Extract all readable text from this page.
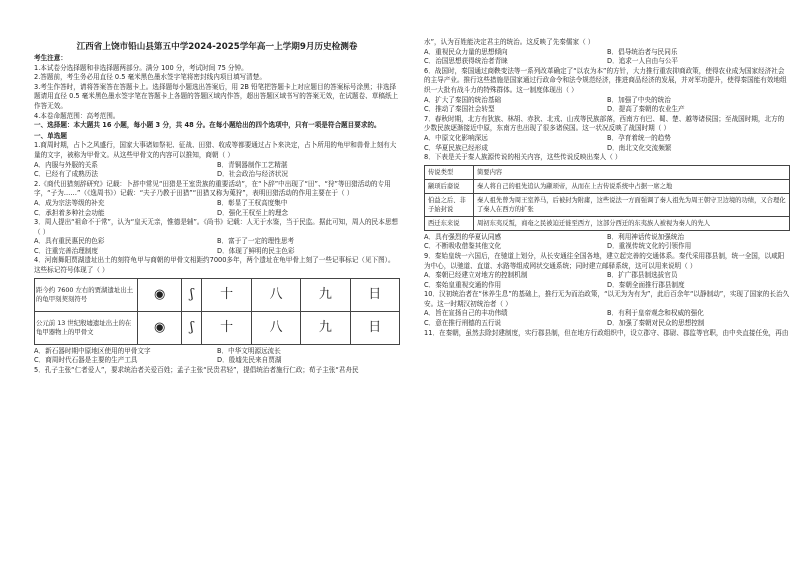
江西省上饶市铅山县第五中学2024-2025学年高一上学期9月历史检测卷
考生注意：

1.本试卷分选择题和非选择题两部分。满分 100 分，考试时间 75 分钟。

2.答题前，考生务必用直径 0.5 毫米黑色墨水签字笔将密封线内项目填写清楚。

3.考生作答时，请将答案答在答题卡上。选择题每小题选出答案后，用 2B 铅笔把答题卡上对应题目的答案标号涂黑；非选择题请用直径 0.5 毫米黑色墨水签字笔在答题卡上各题的答题区域内作答，超出答题区域书写的答案无效，在试题卷、草稿纸上作答无效。

4.本卷命题范围：高考范围。

一、选择题：本大题共 16 小题，每小题 3 分，共 48 分。在每小题给出的四个选项中，只有一项是符合题目要求的。

一、单选题

1.商周时期，占卜之风盛行，国家大事诸如祭祀、征战、田猎、收成等都要通过占卜来决定，占卜所用的龟甲和兽骨上刻有大量的文字，被称为甲骨文。从这些甲骨文的内容可以推知，商朝（ ）

A．内服与外服的关系	B．青铜器制作工艺精湛
C．已经有了成熟历法	D．社会政治与经济状况

2.《商代田猎刻辞研究》记载：卜辞中常见“田猎是王室贵族的重要活动”，在“卜辞”中出现了“田”、“狩”等田猎活动的专用字，“子为……”（《逸周书》）记载：“夫子乃教于田猎”“田猎又称为蒐狩”，表明田猎活动的作用主要在于（ ）

A．成为宗法等级的补充	B．彰显了王权高度集中
C．承担着多种社会功能	D．强化王权至上的理念

3．周人提出“祖命不于常”，认为“皇天无亲，惟德是辅”。《尚书》记载：人无于水鉴，当于民监。据此可知，周人的民本思想（ ）

A．具有重民惠民的色彩	B．富于了一定的理性思考
C．注重完善治理制度	D．体现了鲜明的民主色彩

4．河南舞阳贾湖遗址出土的刻符龟甲与商朝的甲骨文相距约7000多年，两个遗址在龟甲骨上刻了一些记事标记（见下图）。这些标记符号体现了（ ）

距今约 7600 左右的贾湖遗址出土的龟甲刻契刻符号	◉	ʃ	十	八	九	日
公元前 13 世纪殷墟遗址出土的在龟甲器物上的甲骨文	◉	ʃ	十	八	九	日
A．新石器时期中原地区使用的甲骨文字	B．中华文明源远流长
C．商周时代石器是主要的生产工具	D．殷墟先民来自贾湖

5．孔子主张“仁者爱人”，要求统治者关爱百姓；孟子主张“民贵君轻”，提倡统治者施行仁政；荀子主张“君舟民

水”，认为百姓能决定君主的统治。这反映了先秦儒家（ ）

A．重视民众力量的思想倾向	B．倡导统治者与民同乐
C．治国思想获得统治者青睐	D．追求一人自由与公平

6．战国时，秦国通过商鞅变法等一系列改革确定了“以农为本”的方针，大力推行重农抑商政策，使得农业成为国家经济社会的主导产业。推行这些措施是国家通过行政命令和法令规范经济，推进商品经济的发展，并对军功提升，使得秦国能有效地组织一大批有战斗力的特殊群体。这一制度体现出（ ）

A．扩大了秦国的统治基础	B．加强了中央的统治
C．推动了秦国社会转型	D．提高了秦朝的农业生产

7．春秋时期，北方有狄族、林胡、赤狄、北戎、山戎等民族部落，西南方有巴、蜀、楚、越等诸侯国；至战国时期，北方的少数民族逐渐接近中原，东南方也出现了很多诸侯国。这一状况反映了战国时期（ ）

A．中原文化影响深远	B．孕育着统一的趋势
C．华夏民族已经形成	D．南北文化交流频繁

8．下表是关于秦人族源传说的相关内容，这些传说反映出秦人（ ）

传说类型	简要内容
颛顼后裔说	秦人将自己的祖先追认为颛顼帝，从而在上古传说系统中占据一席之地
伯益之后、非子始封说	秦人祖先曾为周王室养马，后被封为附庸，这些说法一方面强调了秦人祖先为周王朝守卫边境的功绩，又合理化了秦人在西方的扩张
西迁东来说	周初东夷反叛，商奄之民被迫迁徙至西方，这部分西迁的东夷族人被视为秦人的先人
A．具有强烈的华夏认同感	B．利用神话传说加强统治
C．不断吸收借鉴其他文化	D．重视传统文化的引领作用

9．秦始皇统一六国后，在驰道上划分，从长安通往全国各地，建立起完善的交通体系。秦代采用郡县制，统一全国，以咸阳为中心，以驰道、直道、水路等组成网状交通系统；同时建立邮驿系统，这可以用来说明（ ）

A．秦朝已经建立对地方的控制机制	B．扩广郡县制选拔官员
C．秦始皇重视交通的作用	D．秦朝全面推行郡县制度

10．汉初统治者在“休养生息”的基础上，推行无为而治政策，“以无为为有为”，此后百余年“以静制动”，实现了国家的长治久安。这一时期汉初统治者（ ）

A．旨在宣扬自己的丰功伟绩	B．有利于皇帝观念和权威的强化
C．意在推行刑德的五行说	D．加强了秦朝对民众的思想控制

11．在秦朝，虽然去除封建制度，实行郡县制，但在地方行政组织中，设立郡守、郡尉、郡监等官职，由中央直接任免，再由
